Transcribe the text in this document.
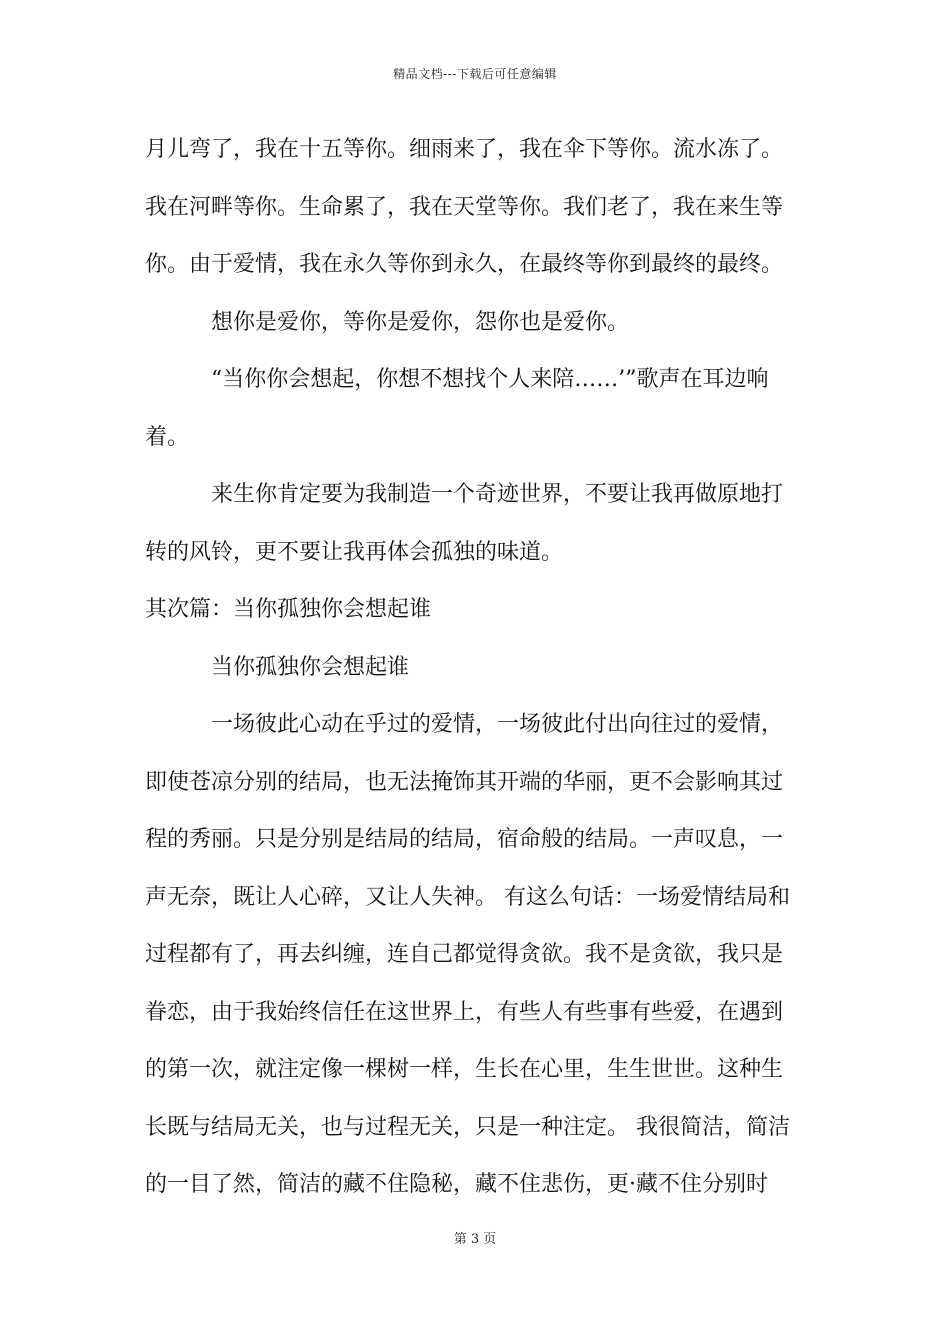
精品文档---下载后可任意编辑
月儿弯了，我在十五等你。细雨来了，我在伞下等你。流水冻了。
我在河畔等你。生命累了，我在天堂等你。我们老了，我在来生等
你。由于爱情，我在永久等你到永久，在最终等你到最终的最终。
想你是爱你，等你是爱你，怨你也是爱你。
“当你你会想起，你想不想找个人来陪……’”歌声在耳边响
着。
来生你肯定要为我制造一个奇迹世界，不要让我再做原地打
转的风铃，更不要让我再体会孤独的味道。
其次篇：当你孤独你会想起谁
当你孤独你会想起谁
一场彼此心动在乎过的爱情，一场彼此付出向往过的爱情，
即使苍凉分别的结局，也无法掩饰其开端的华丽，更不会影响其过
程的秀丽。只是分别是结局的结局，宿命般的结局。一声叹息，一
声无奈，既让人心碎，又让人失神。 有这么句话：一场爱情结局和
过程都有了，再去纠缠，连自己都觉得贪欲。我不是贪欲，我只是
眷恋，由于我始终信任在这世界上，有些人有些事有些爱，在遇到
的第一次，就注定像一棵树一样，生长在心里，生生世世。这种生
长既与结局无关，也与过程无关，只是一种注定。 我很简洁，简洁
的一目了然，简洁的藏不住隐秘，藏不住悲伤，更·藏不住分别时
第 3 页
